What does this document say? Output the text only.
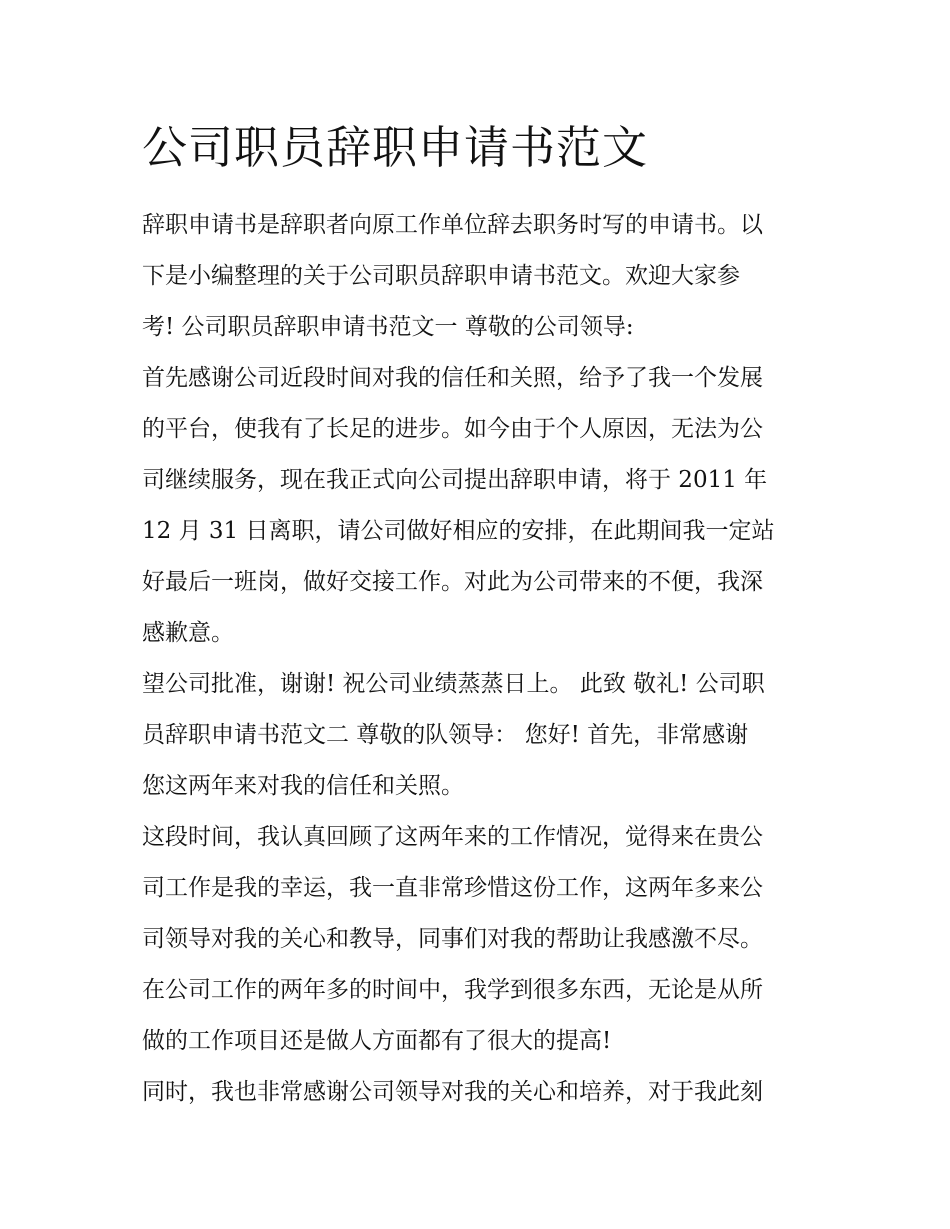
公司职员辞职申请书范文

辞职申请书是辞职者向原工作单位辞去职务时写的申请书。以

下是小编整理的关于公司职员辞职申请书范文。欢迎大家参

考! 公司职员辞职申请书范文一 尊敬的公司领导:

首先感谢公司近段时间对我的信任和关照，给予了我一个发展

的平台，使我有了长足的进步。如今由于个人原因，无法为公

司继续服务，现在我正式向公司提出辞职申请，将于 2011 年

12 月 31 日离职，请公司做好相应的安排，在此期间我一定站

好最后一班岗，做好交接工作。对此为公司带来的不便，我深

感歉意。

望公司批准，谢谢! 祝公司业绩蒸蒸日上。 此致 敬礼! 公司职

员辞职申请书范文二 尊敬的队领导： 您好! 首先，非常感谢

您这两年来对我的信任和关照。

这段时间，我认真回顾了这两年来的工作情况，觉得来在贵公

司工作是我的幸运，我一直非常珍惜这份工作，这两年多来公

司领导对我的关心和教导，同事们对我的帮助让我感激不尽。

在公司工作的两年多的时间中，我学到很多东西，无论是从所

做的工作项目还是做人方面都有了很大的提高!

同时，我也非常感谢公司领导对我的关心和培养，对于我此刻
